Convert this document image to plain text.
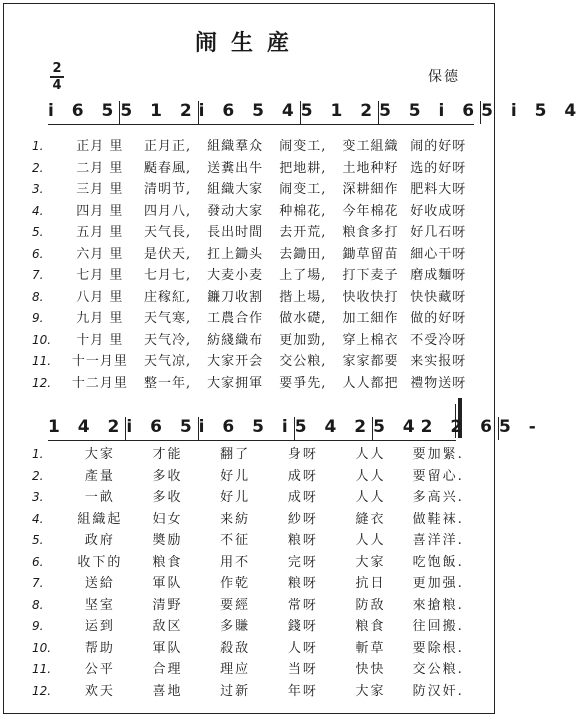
闹生産
2
4
保德
i 6 5 5 1 2 i 6 5 4 5 1 2 5 5 i 6 5 i 5 4
1.	正月 里	正月正,	組織羣众	闹变工,	变工組織 闹的好呀
2.	二月 里	颳春風,	送糞出牛	把地耕,	土地种籽 选的好呀
3.	三月 里	清明节,	組織大家	闹变工,	深耕細作 肥料大呀
4.	四月 里	四月八,	發动大家	种棉花,	今年棉花 好收成呀
5.	五月 里	天气長,	長出时間	去开荒,	粮食多打 好几石呀
6.	六月 里	是伏天,	扛上鋤头	去鋤田,	鋤草留苗 細心干呀
7.	七月 里	七月七,	大麦小麦	上了場,	打下麦子 磨成麵呀
8.	八月 里	庄稼紅,	鐮刀收割	揩上場,	快收快打 快快藏呀
9.	九月 里	天气寒,	工農合作	做水礎,	加工細作 做的好呀
10.	十月 里	天气冷,	紡綫織布	更加勁,	穿上棉衣 不受冷呀
11.	十一月里	天气凉,	大家开会	交公粮,	家家都要 来实报呀
12.	十二月里	整一年,	大家拥軍	要爭先,	人人都把 禮物送呀
1 4 2 i 6 5 i 6 5 i 5 4 2 5 42 2 6 5 -
1.	大家	才能	翻了	身呀	人人	要加緊.
2.	產量	多收	好儿	成呀	人人	要留心.
3.	一畝	多收	好儿	成呀	人人	多高兴.
4.	組織起	妇女	来紡	紗呀	縫衣	做鞋袜.
5.	政府	奬励	不征	粮呀	人人	喜洋洋.
6.	收下的	粮食	用不	完呀	大家	吃饱飯.
7.	送給	軍队	作乾	粮呀	抗日	更加强.
8.	坚室	清野	要經	常呀	防敌	來搶粮.
9.	运到	敌区	多賺	錢呀	粮食	往回搬.
10.	帮助	軍队	殺敌	人呀	斬草	要除根.
11.	公平	合理	理应	当呀	快快	交公粮.
12.	欢天	喜地	过新	年呀	大家	防汉奸.
